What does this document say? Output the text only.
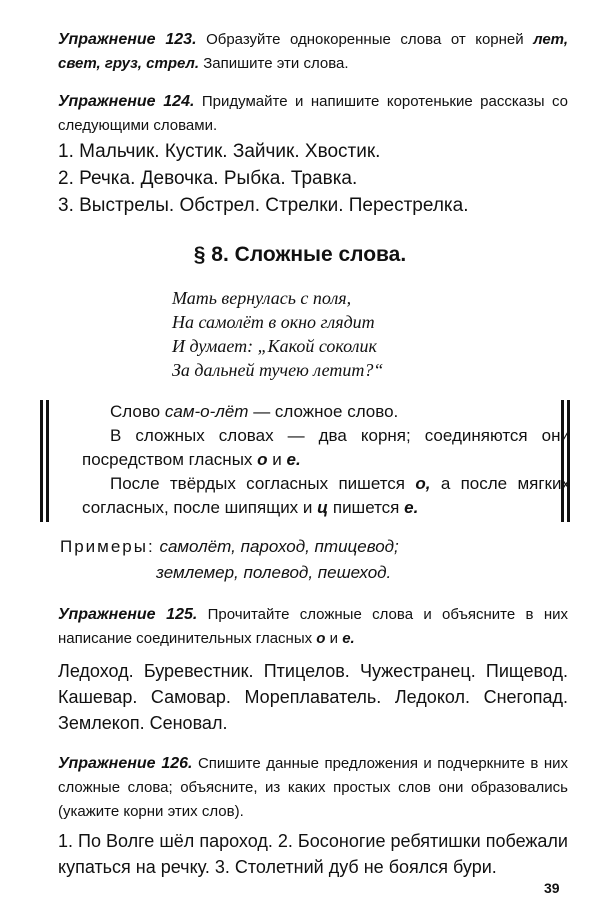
Упражнение 123. Образуйте однокоренные слова от корней лет, свет, груз, стрел. Запишите эти слова.

Упражнение 124. Придумайте и напишите коротенькие рассказы со следующими словами.

1. Мальчик. Кустик. Зайчик. Хвостик.

2. Речка. Девочка. Рыбка. Травка.

3. Выстрелы. Обстрел. Стрелки. Перестрелка.

§ 8. Сложные слова.

Мать вернулась с поля,

На самолёт в окно глядит

И думает: „Какой соколик

За дальней тучею летит?“

Слово сам-о-лёт — сложное слово.

В сложных словах — два корня; соединяются они посредством гласных о и е.

После твёрдых согласных пишется о, а после мягких согласных, после шипящих и ц пишется е.

Примеры: самолёт, пароход, птицевод;

землемер, полевод, пешеход.

Упражнение 125. Прочитайте сложные слова и объясните в них написание соединительных гласных о и е.

Ледоход. Буревестник. Птицелов. Чужестранец. Пищевод. Кашевар. Самовар. Мореплаватель. Ледокол. Снегопад. Землекоп. Сеновал.

Упражнение 126. Спишите данные предложения и подчеркните в них сложные слова; объясните, из каких простых слов они образовались (укажите корни этих слов).

1. По Волге шёл пароход. 2. Босоногие ребятишки побежали купаться на речку. 3. Столетний дуб не боялся бури.

39
